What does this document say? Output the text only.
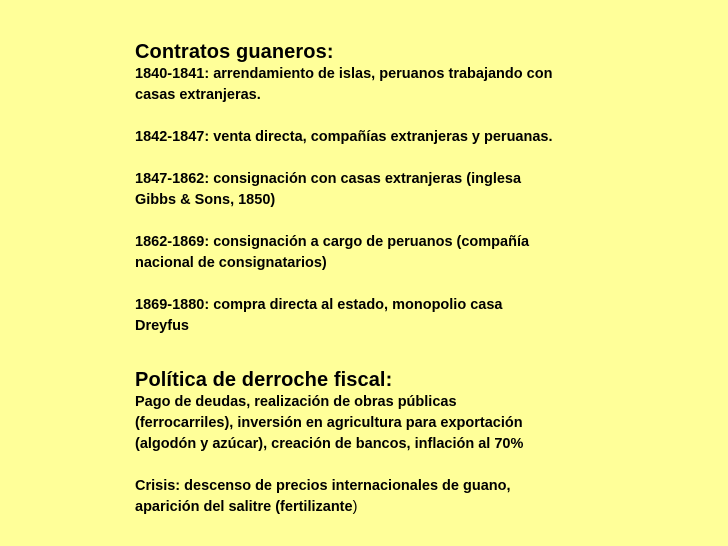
Contratos guaneros:

1840-1841: arrendamiento de islas, peruanos trabajando con

casas extranjeras.

1842-1847: venta directa, compañías extranjeras y peruanas.

1847-1862: consignación con casas extranjeras (inglesa

Gibbs & Sons, 1850)

1862-1869: consignación a cargo de peruanos (compañía

nacional de consignatarios)

1869-1880: compra directa al estado, monopolio casa

Dreyfus

Política de derroche fiscal:

Pago de deudas, realización de obras públicas

(ferrocarriles), inversión en agricultura para exportación

(algodón y azúcar), creación de bancos, inflación al 70%

Crisis: descenso de precios internacionales de guano,

aparición del salitre (fertilizante)
